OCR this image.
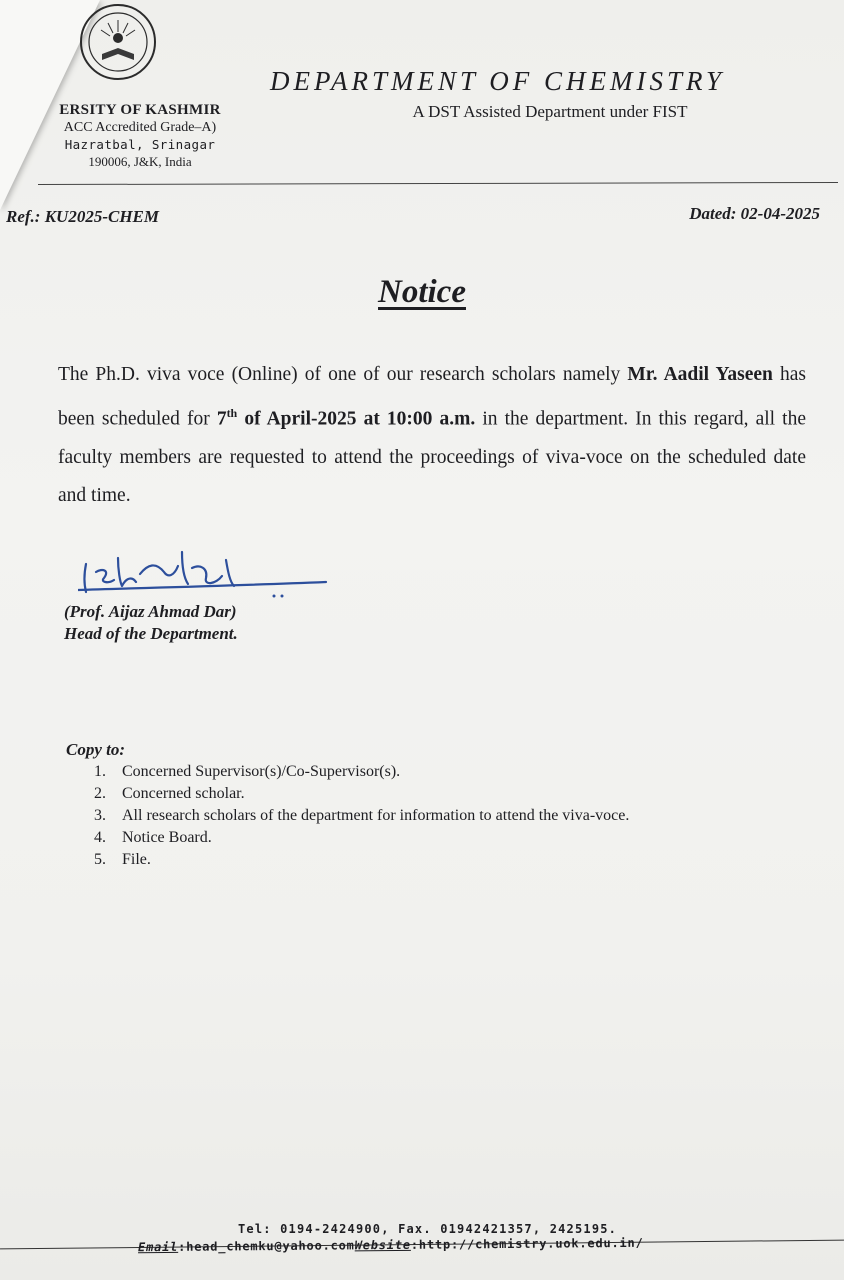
ERSITY OF KASHMIR
ACC Accredited Grade–A)
Hazratbal, Srinagar
190006, J&K, India
DEPARTMENT OF CHEMISTRY
A DST Assisted Department under FIST
Ref.: KU2025-CHEM	Dated: 02-04-2025
Notice

The Ph.D. viva voce (Online) of one of our research scholars namely Mr. Aadil Yaseen has been scheduled for 7th of April-2025 at 10:00 a.m. in the department. In this regard, all the faculty members are requested to attend the proceedings of viva-voce on the scheduled date and time.

(Prof. Aijaz Ahmad Dar)
Head of the Department.
Copy to:
1. Concerned Supervisor(s)/Co-Supervisor(s).
2. Concerned scholar.
3. All research scholars of the department for information to attend the viva-voce.
4. Notice Board.
5. File.
Tel: 0194-2424900, Fax. 01942421357, 2425195.
Email:head_chemku@yahoo.comWebsite:http://chemistry.uok.edu.in/
